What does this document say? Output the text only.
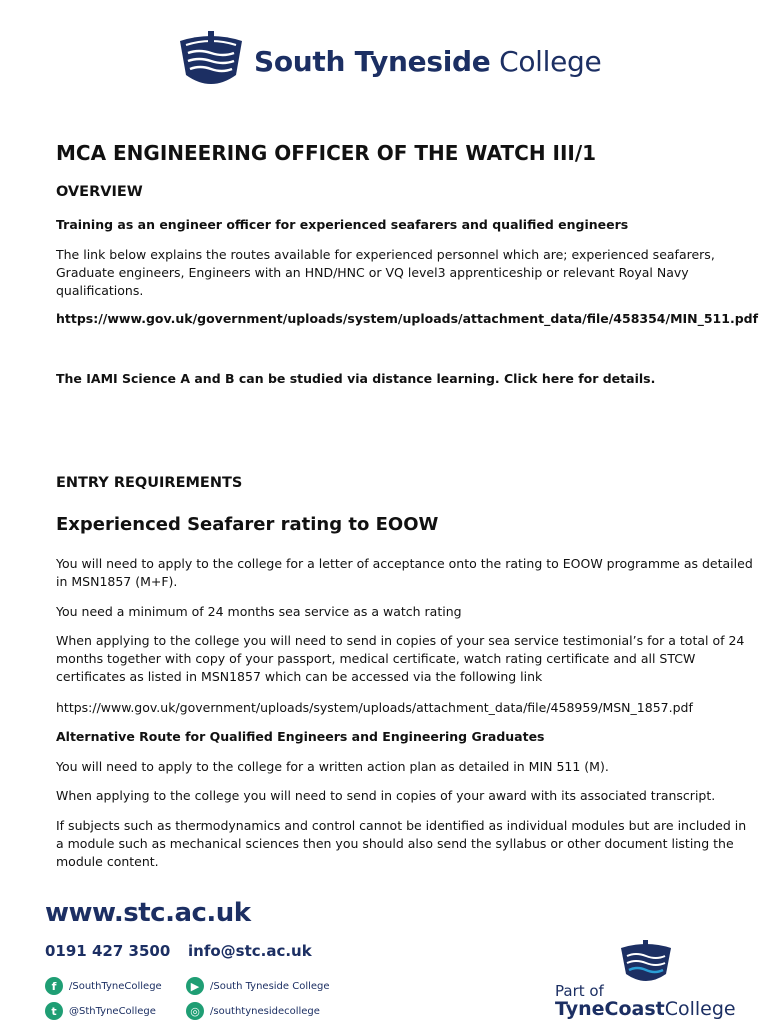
South Tyneside College
MCA ENGINEERING OFFICER OF THE WATCH III/1
OVERVIEW

Training as an engineer officer for experienced seafarers and qualified engineers

The link below explains the routes available for experienced personnel which are; experienced seafarers, Graduate engineers, Engineers with an HND/HNC or VQ level3 apprenticeship or relevant Royal Navy qualifications.

https://www.gov.uk/government/uploads/system/uploads/attachment_data/file/458354/MIN_511.pdf

The IAMI Science A and B can be studied via distance learning. Click here for details.

ENTRY REQUIREMENTS
Experienced Seafarer rating to EOOW

You will need to apply to the college for a letter of acceptance onto the rating to EOOW programme as detailed in MSN1857 (M+F).

You need a minimum of 24 months sea service as a watch rating

When applying to the college you will need to send in copies of your sea service testimonial’s for a total of 24 months together with copy of your passport, medical certificate, watch rating certificate and all STCW certificates as listed in MSN1857 which can be accessed via the following link

https://www.gov.uk/government/uploads/system/uploads/attachment_data/file/458959/MSN_1857.pdf

Alternative Route for Qualified Engineers and Engineering Graduates

You will need to apply to the college for a written action plan as detailed in MIN 511 (M).

When applying to the college you will need to send in copies of your award with its associated transcript.

If subjects such as thermodynamics and control cannot be identified as individual modules but are included in a module such as mechanical sciences then you should also send the syllabus or other document listing the module content.

www.stc.ac.uk
0191 427 3500 info@stc.ac.uk
f	/SouthTyneCollege
t	@SthTyneCollege
▶	/South Tyneside College
◎	/southtynesidecollege
Part of
TyneCoastCollege
